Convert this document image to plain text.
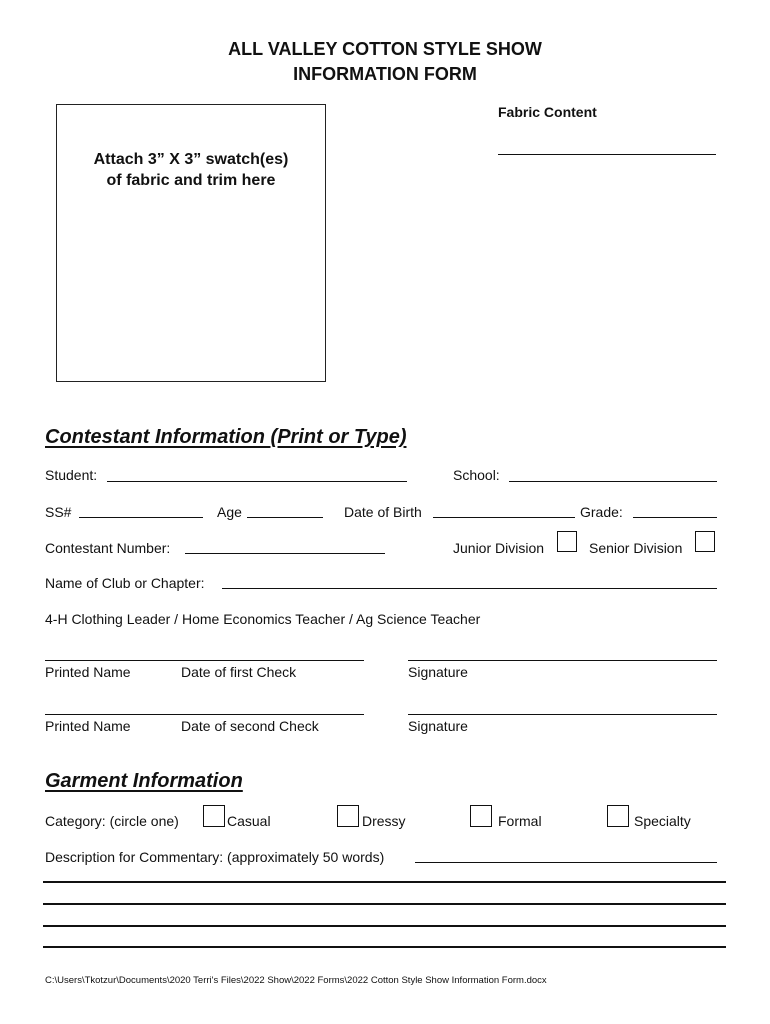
ALL VALLEY COTTON STYLE SHOW
INFORMATION FORM
Attach 3” X 3” swatch(es)
of fabric and trim here
Fabric Content
Contestant Information (Print or Type)
Student:	School:
SS#	Age	Date of Birth	Grade:
Contestant Number:	Junior Division	Senior Division
Name of Club or Chapter:
4-H Clothing Leader / Home Economics Teacher / Ag Science Teacher
Printed Name	Date of first Check	Signature
Printed Name	Date of second Check	Signature
Garment Information
Category: (circle one)	Casual	Dressy	Formal	Specialty
Description for Commentary: (approximately 50 words)
C:\Users\Tkotzur\Documents\2020 Terri's Files\2022 Show\2022 Forms\2022 Cotton Style Show Information Form.docx
